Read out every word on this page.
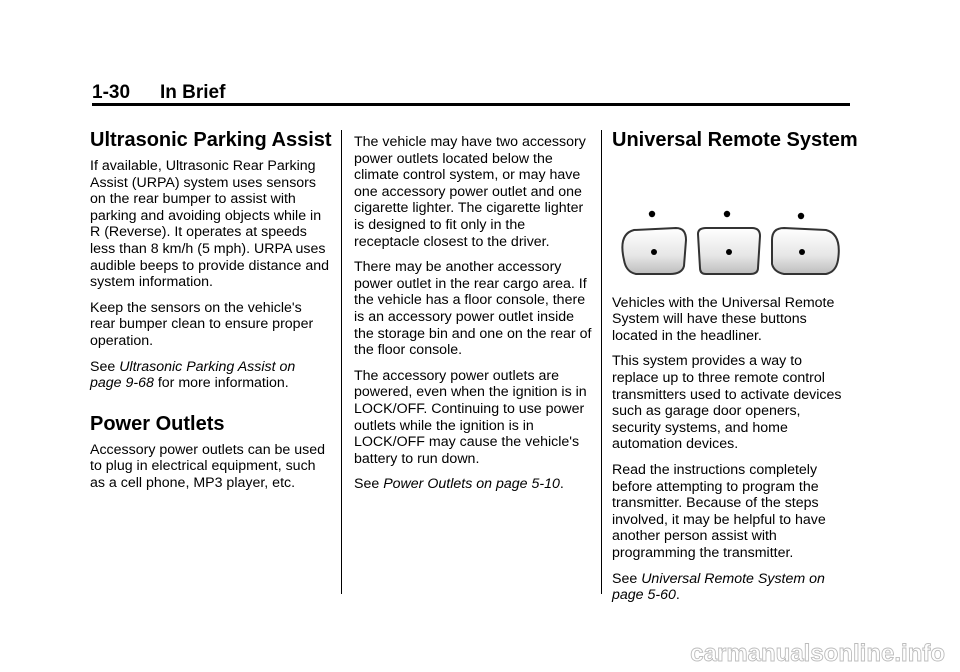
1-30 In Brief
Ultrasonic Parking Assist

If available, Ultrasonic Rear Parking Assist (URPA) system uses sensors on the rear bumper to assist with parking and avoiding objects while in R (Reverse). It operates at speeds less than 8 km/h (5 mph). URPA uses audible beeps to provide distance and system information.

Keep the sensors on the vehicle's rear bumper clean to ensure proper operation.

See Ultrasonic Parking Assist on page 9-68 for more information.

Power Outlets

Accessory power outlets can be used to plug in electrical equipment, such as a cell phone, MP3 player, etc.

The vehicle may have two accessory power outlets located below the climate control system, or may have one accessory power outlet and one cigarette lighter. The cigarette lighter is designed to fit only in the receptacle closest to the driver.

There may be another accessory power outlet in the rear cargo area. If the vehicle has a floor console, there is an accessory power outlet inside the storage bin and one on the rear of the floor console.

The accessory power outlets are powered, even when the ignition is in LOCK/OFF. Continuing to use power outlets while the ignition is in LOCK/OFF may cause the vehicle's battery to run down.

See Power Outlets on page 5-10.

Universal Remote System

Vehicles with the Universal Remote System will have these buttons located in the headliner.

This system provides a way to replace up to three remote control transmitters used to activate devices such as garage door openers, security systems, and home automation devices.

Read the instructions completely before attempting to program the transmitter. Because of the steps involved, it may be helpful to have another person assist with programming the transmitter.

See Universal Remote System on page 5-60.

carmanualsonline.info
